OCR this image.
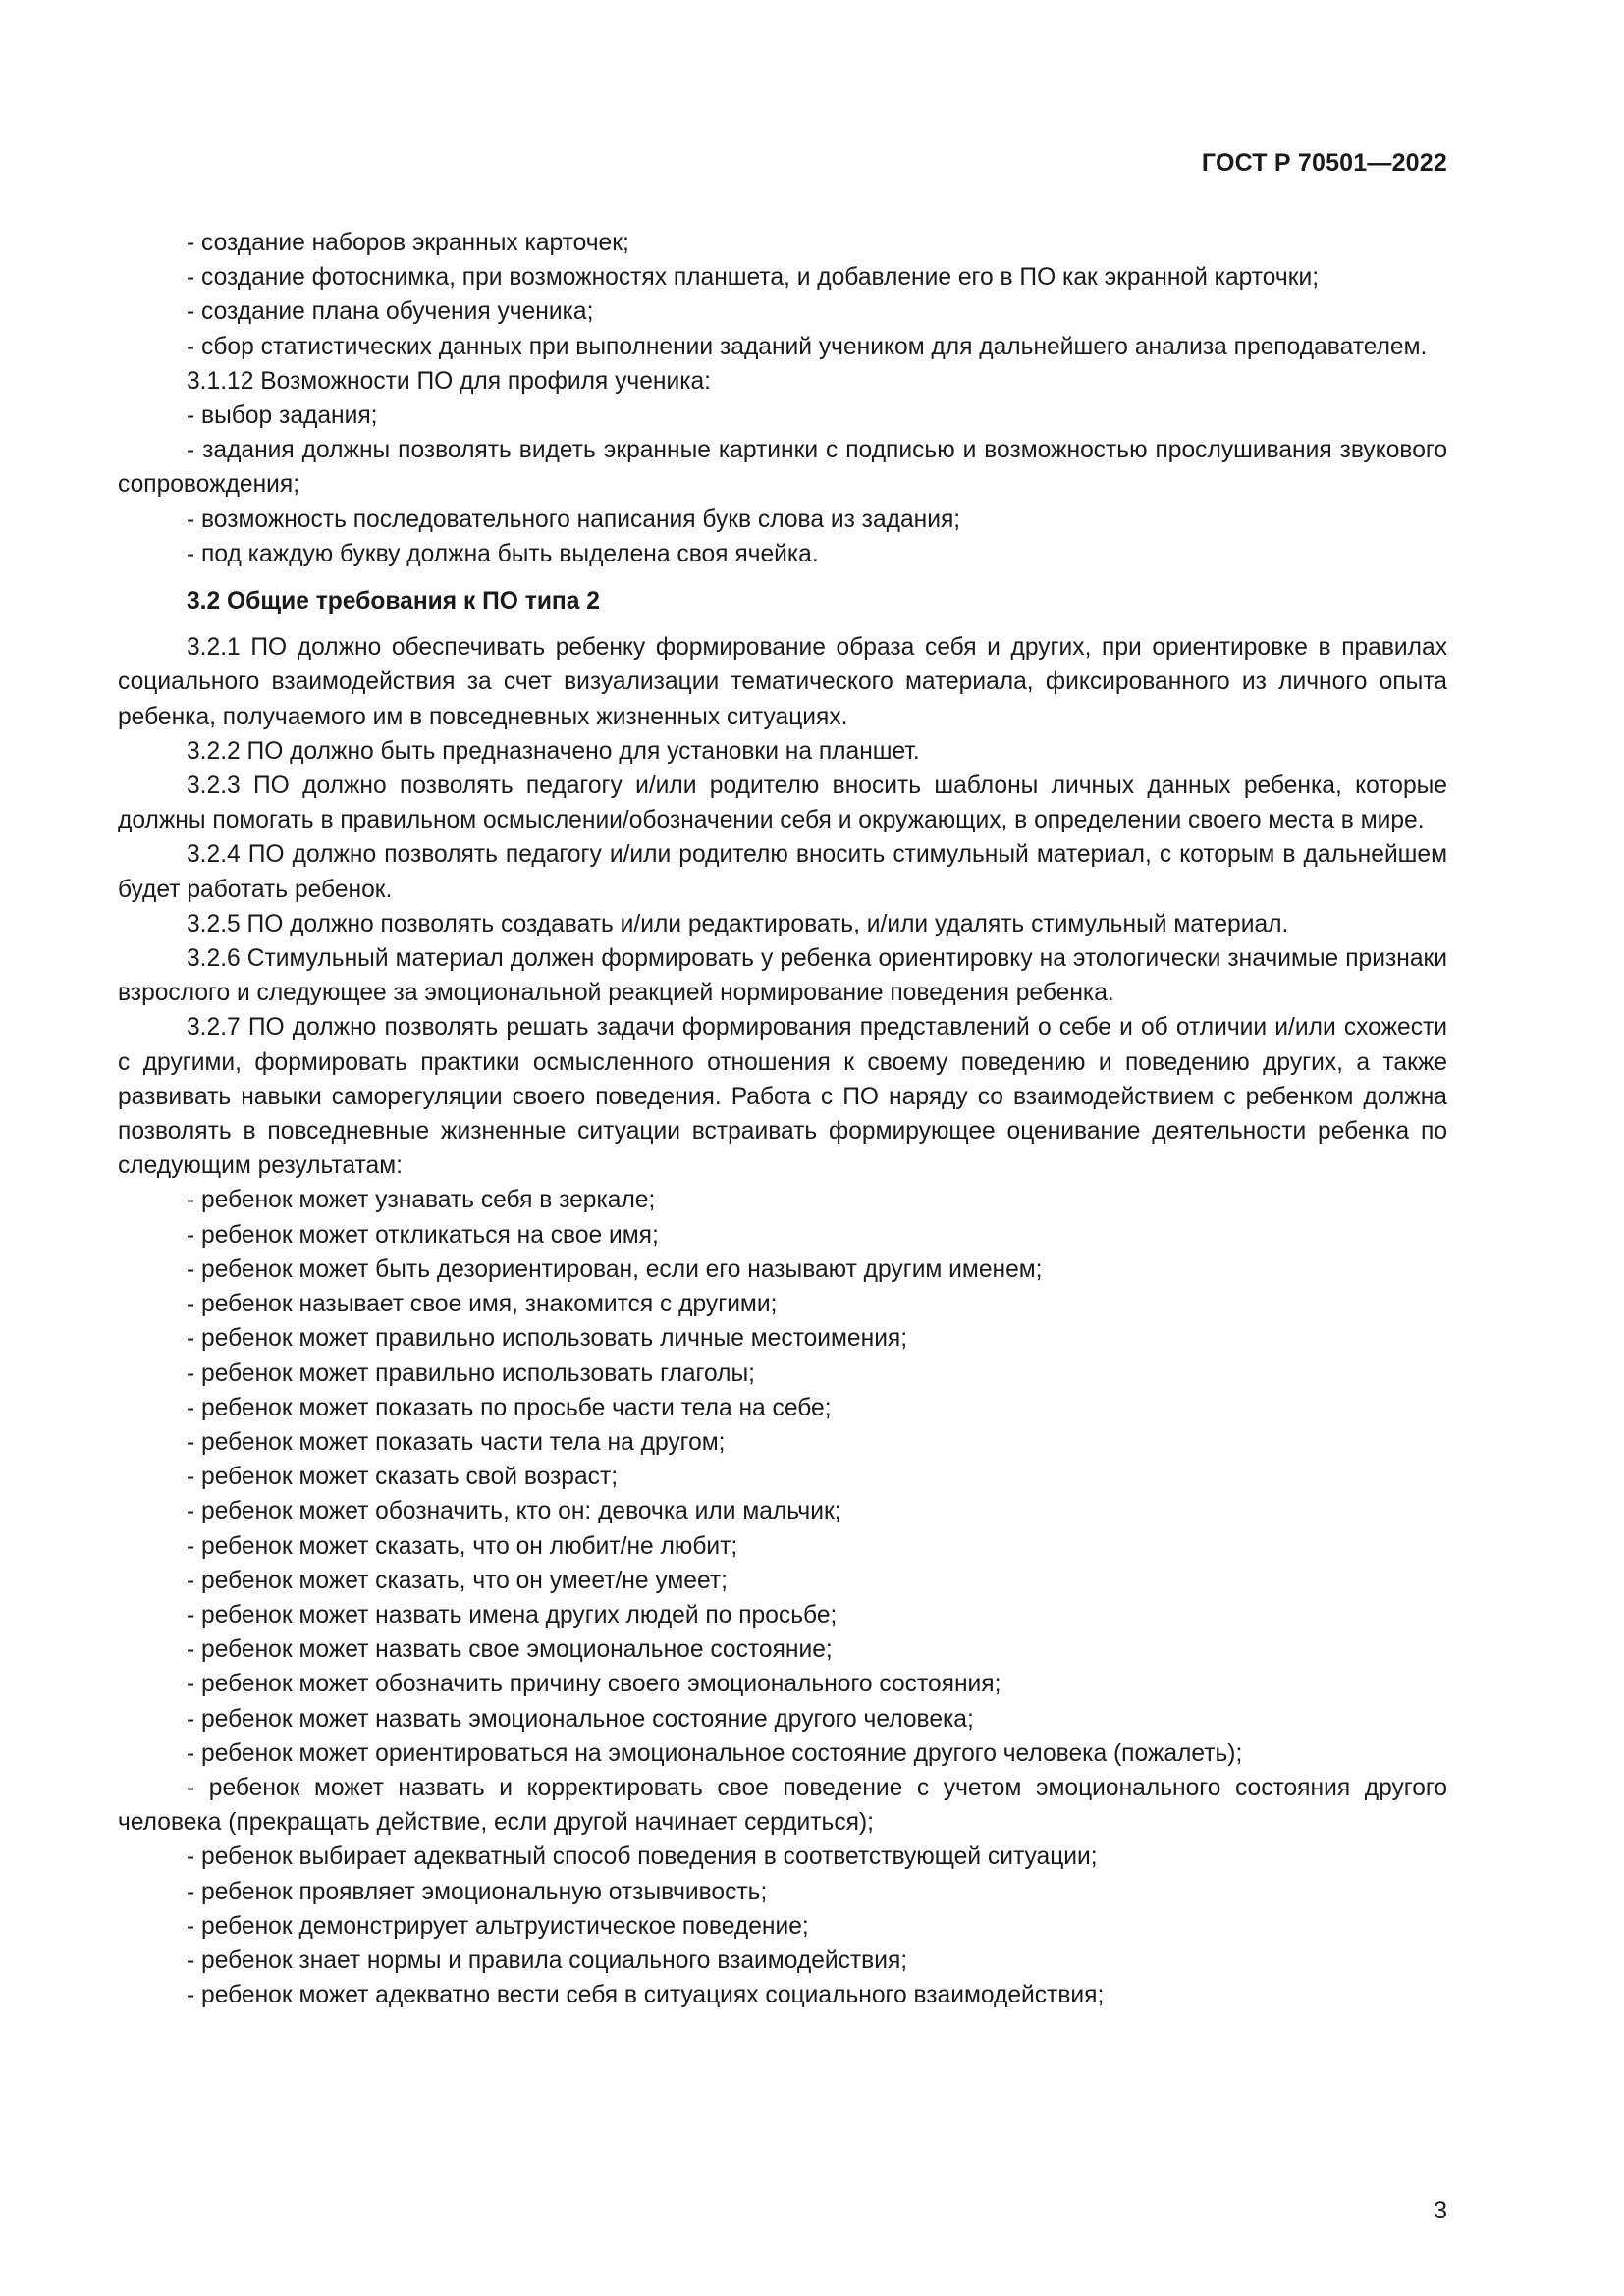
ГОСТ Р 70501—2022

- создание наборов экранных карточек;

- создание фотоснимка, при возможностях планшета, и добавление его в ПО как экранной карточки;

- создание плана обучения ученика;

- сбор статистических данных при выполнении заданий учеником для дальнейшего анализа преподавателем.

3.1.12 Возможности ПО для профиля ученика:

- выбор задания;

- задания должны позволять видеть экранные картинки с подписью и возможностью прослушивания звукового сопровождения;

- возможность последовательного написания букв слова из задания;

- под каждую букву должна быть выделена своя ячейка.

3.2 Общие требования к ПО типа 2

3.2.1 ПО должно обеспечивать ребенку формирование образа себя и других, при ориентировке в правилах социального взаимодействия за счет визуализации тематического материала, фиксированного из личного опыта ребенка, получаемого им в повседневных жизненных ситуациях.

3.2.2 ПО должно быть предназначено для установки на планшет.

3.2.3 ПО должно позволять педагогу и/или родителю вносить шаблоны личных данных ребенка, которые должны помогать в правильном осмыслении/обозначении себя и окружающих, в определении своего места в мире.

3.2.4 ПО должно позволять педагогу и/или родителю вносить стимульный материал, с которым в дальнейшем будет работать ребенок.

3.2.5 ПО должно позволять создавать и/или редактировать, и/или удалять стимульный материал.

3.2.6 Стимульный материал должен формировать у ребенка ориентировку на этологически значимые признаки взрослого и следующее за эмоциональной реакцией нормирование поведения ребенка.

3.2.7 ПО должно позволять решать задачи формирования представлений о себе и об отличии и/или схожести с другими, формировать практики осмысленного отношения к своему поведению и поведению других, а также развивать навыки саморегуляции своего поведения. Работа с ПО наряду со взаимодействием с ребенком должна позволять в повседневные жизненные ситуации встраивать формирующее оценивание деятельности ребенка по следующим результатам:

- ребенок может узнавать себя в зеркале;

- ребенок может откликаться на свое имя;

- ребенок может быть дезориентирован, если его называют другим именем;

- ребенок называет свое имя, знакомится с другими;

- ребенок может правильно использовать личные местоимения;

- ребенок может правильно использовать глаголы;

- ребенок может показать по просьбе части тела на себе;

- ребенок может показать части тела на другом;

- ребенок может сказать свой возраст;

- ребенок может обозначить, кто он: девочка или мальчик;

- ребенок может сказать, что он любит/не любит;

- ребенок может сказать, что он умеет/не умеет;

- ребенок может назвать имена других людей по просьбе;

- ребенок может назвать свое эмоциональное состояние;

- ребенок может обозначить причину своего эмоционального состояния;

- ребенок может назвать эмоциональное состояние другого человека;

- ребенок может ориентироваться на эмоциональное состояние другого человека (пожалеть);

- ребенок может назвать и корректировать свое поведение с учетом эмоционального состояния другого человека (прекращать действие, если другой начинает сердиться);

- ребенок выбирает адекватный способ поведения в соответствующей ситуации;

- ребенок проявляет эмоциональную отзывчивость;

- ребенок демонстрирует альтруистическое поведение;

- ребенок знает нормы и правила социального взаимодействия;

- ребенок может адекватно вести себя в ситуациях социального взаимодействия;

3
